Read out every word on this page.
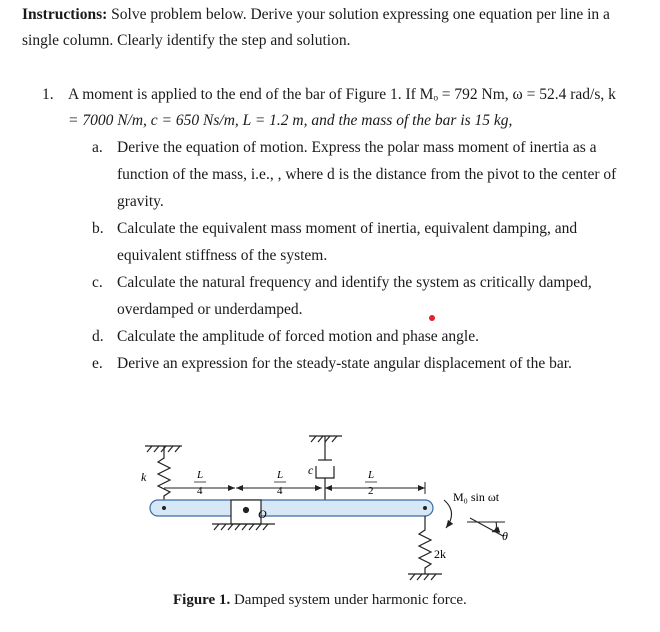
Instructions: Solve problem below. Derive your solution expressing one equation per line in a single column. Clearly identify the step and solution.
1. A moment is applied to the end of the bar of Figure 1. If Mₒ = 792 Nm, ω = 52.4 rad/s, k
= 7000 N/m, c = 650 Ns/m, L = 1.2 m, and the mass of the bar is 15 kg,
a. Derive the equation of motion. Express the polar mass moment of inertia as a
function of the mass, i.e., , where d is the distance from the pivot to the center of
gravity.
b. Calculate the equivalent mass moment of inertia, equivalent damping, and
equivalent stiffness of the system.
c. Calculate the natural frequency and identify the system as critically damped,
overdamped or underdamped.
d. Calculate the amplitude of forced motion and phase angle.
e. Derive an expression for the steady-state angular displacement of the bar.
k	c
L
4
L
4
L
2
O
2k
M₀ sin ωt
θ
Figure 1. Damped system under harmonic force.
